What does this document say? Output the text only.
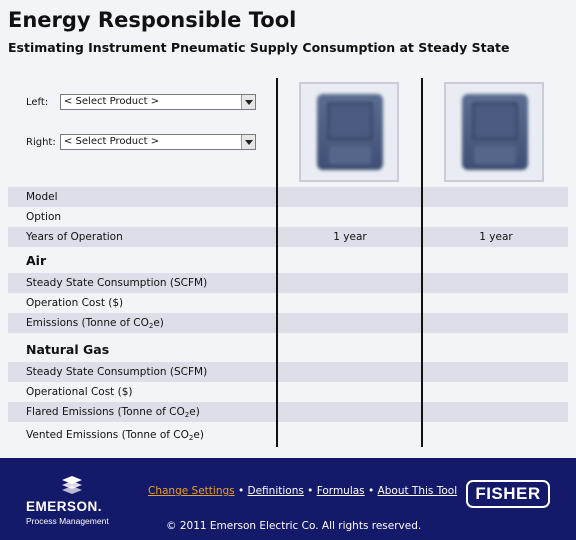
Energy Responsible Tool
Estimating Instrument Pneumatic Supply Consumption at Steady State
Left:	< Select Product >
Right: < Select Product >
Model
Option
Years of Operation	1 year	1 year
Air
Steady State Consumption (SCFM)
Operation Cost ($)
Emissions (Tonne of $CO_2e$)
Natural Gas
Steady State Consumption (SCFM)
Operational Cost ($)
Flared Emissions (Tonne of $CO_2e$)
Vented Emissions (Tonne of $CO_2e$)
EMERSON.
Process Management
Change Settings • Definitions • Formulas • About This Tool
© 2011 Emerson Electric Co. All rights reserved.
FISHER
